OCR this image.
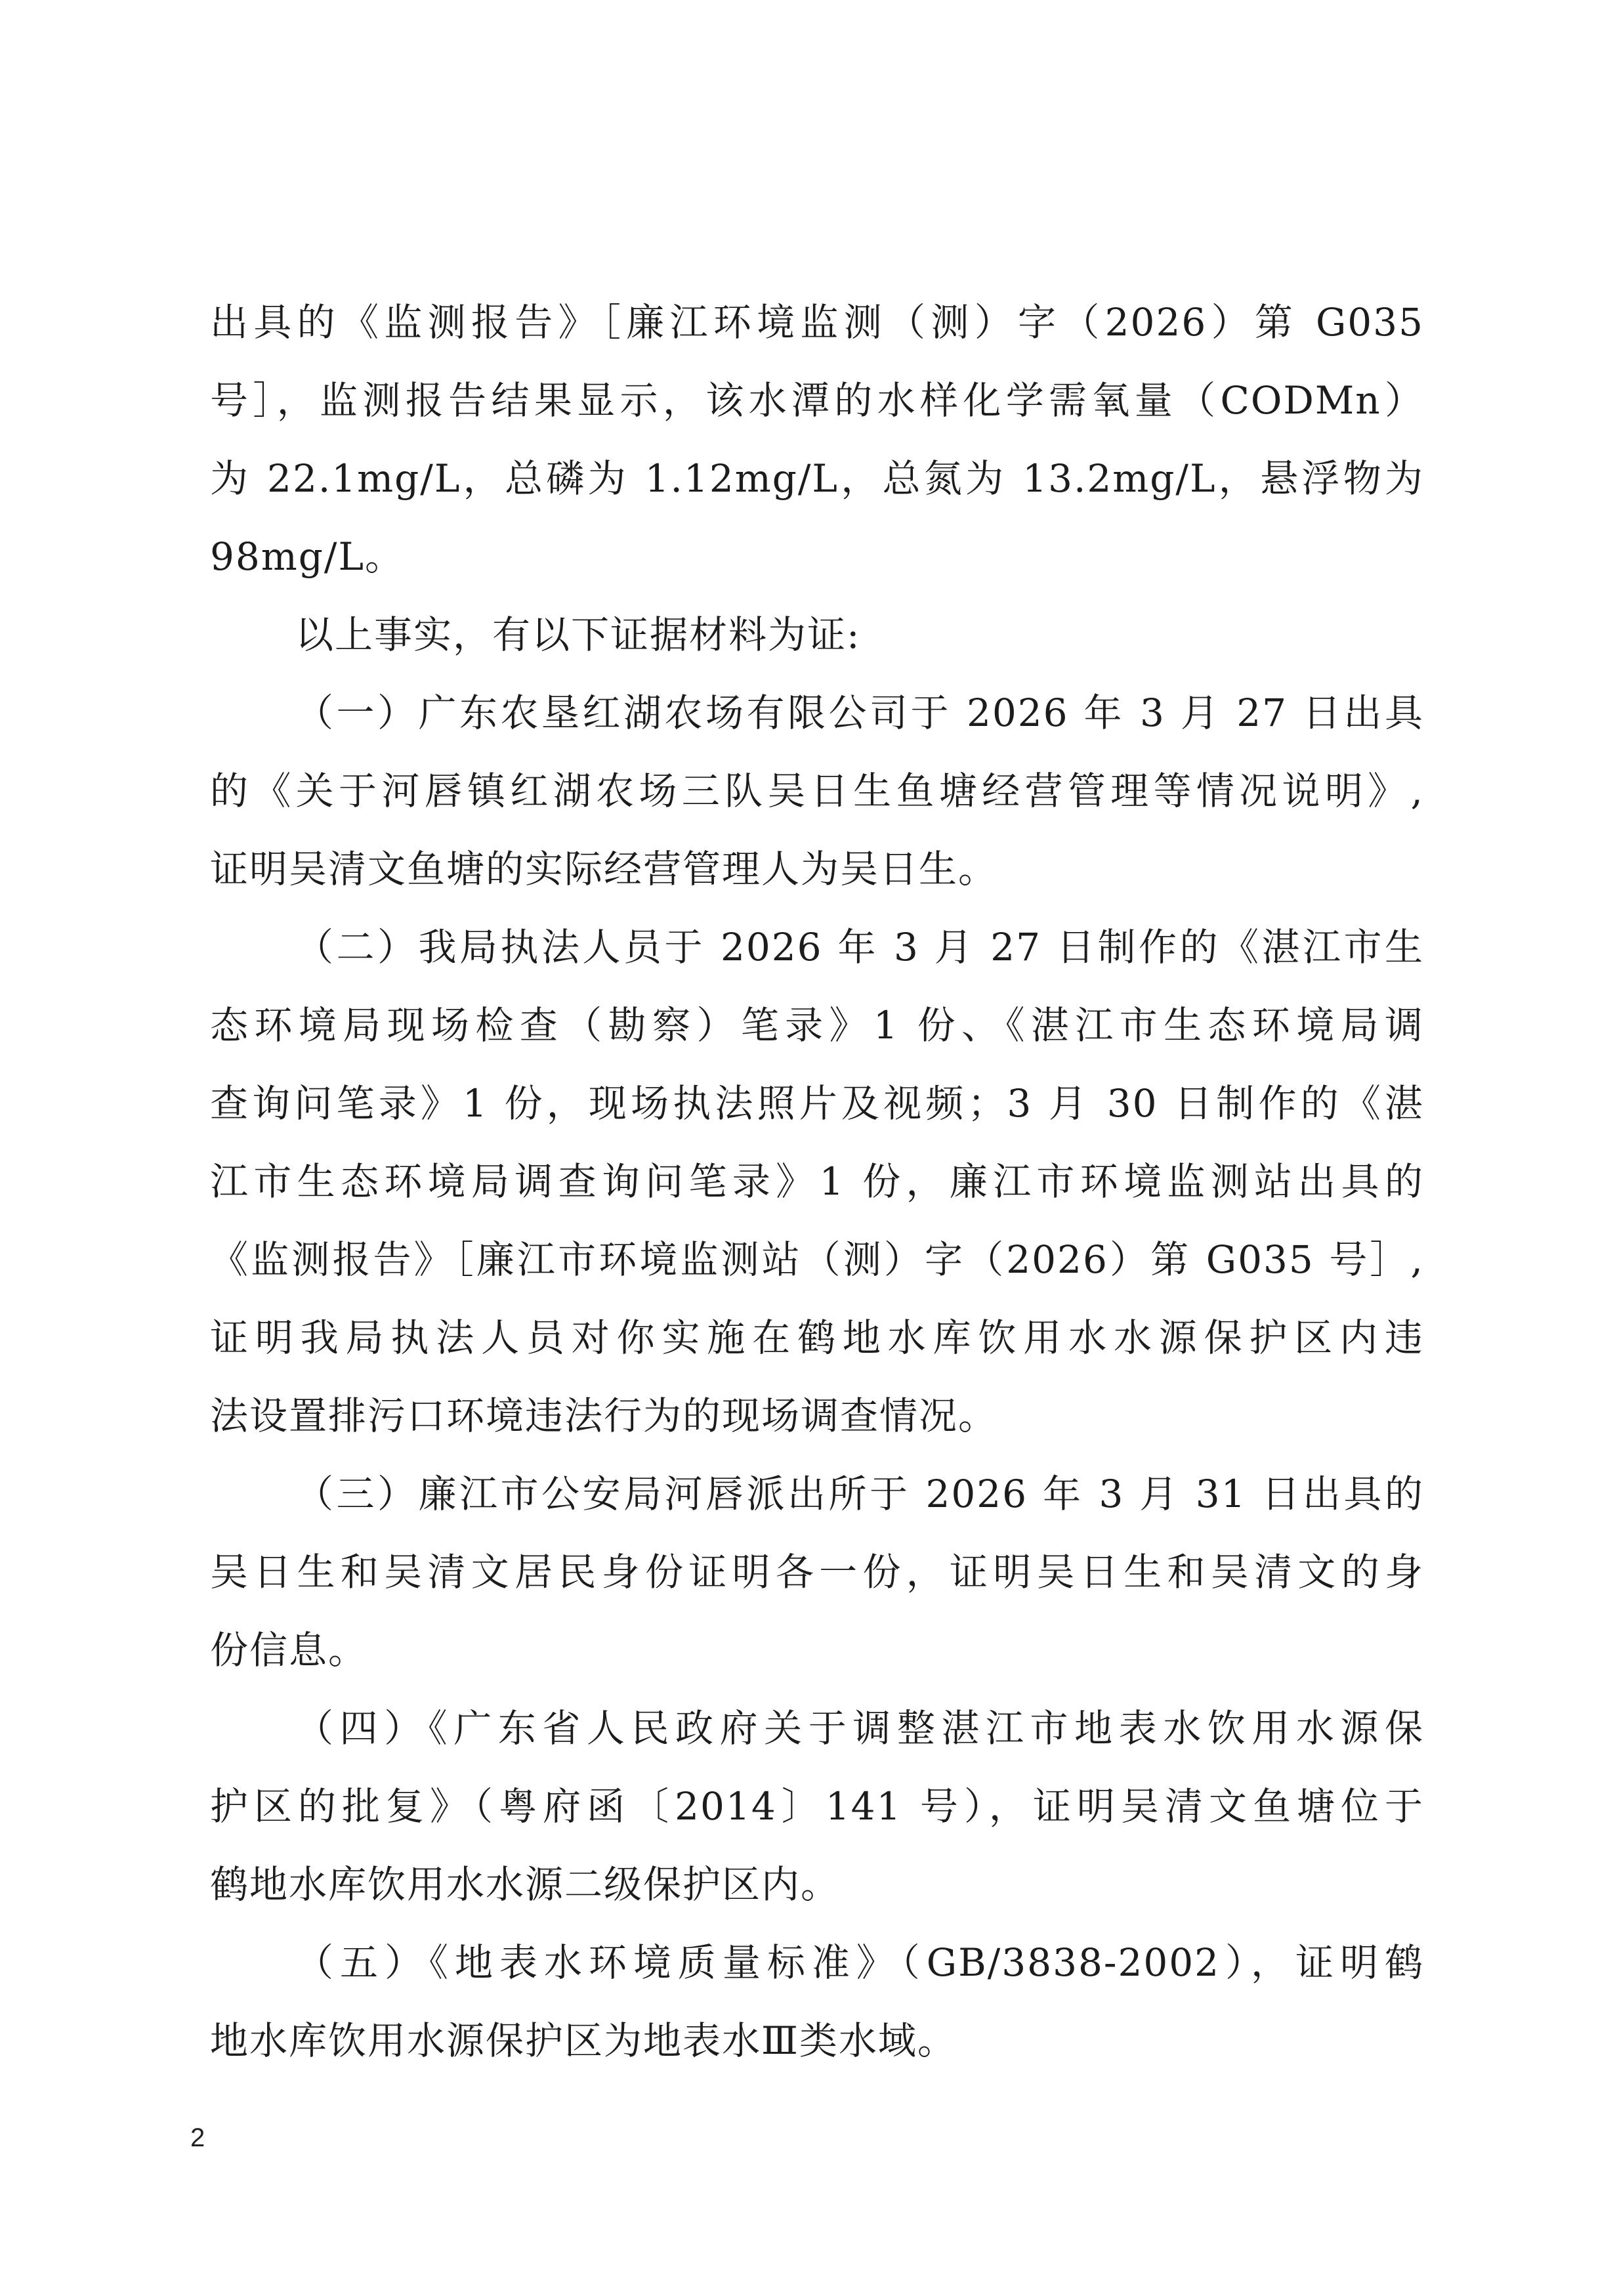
出具的《监测报告》［廉江环境监测（测）字（2026）第 G035
号］，监测报告结果显示，该水潭的水样化学需氧量（CODMn）
为 22.1mg/L，总磷为 1.12mg/L，总氮为 13.2mg/L，悬浮物为
98mg/L。
以上事实，有以下证据材料为证:
（一）广东农垦红湖农场有限公司于 2026 年 3 月 27 日出具
的《关于河唇镇红湖农场三队吴日生鱼塘经营管理等情况说明》,
证明吴清文鱼塘的实际经营管理人为吴日生。
（二）我局执法人员于 2026 年 3 月 27 日制作的《湛江市生
态环境局现场检查（勘察）笔录》1 份、《湛江市生态环境局调
查询问笔录》1 份，现场执法照片及视频；3 月 30 日制作的《湛
江市生态环境局调查询问笔录》1 份，廉江市环境监测站出具的
《监测报告》［廉江市环境监测站（测）字（2026）第 G035 号］,
证明我局执法人员对你实施在鹤地水库饮用水水源保护区内违
法设置排污口环境违法行为的现场调查情况。
（三）廉江市公安局河唇派出所于 2026 年 3 月 31 日出具的
吴日生和吴清文居民身份证明各一份，证明吴日生和吴清文的身
份信息。
（四）《广东省人民政府关于调整湛江市地表水饮用水源保
护区的批复》（粤府函〔2014〕141 号），证明吴清文鱼塘位于
鹤地水库饮用水水源二级保护区内。
（五）《地表水环境质量标准》（GB/3838-2002），证明鹤
地水库饮用水源保护区为地表水Ⅲ类水域。
2
